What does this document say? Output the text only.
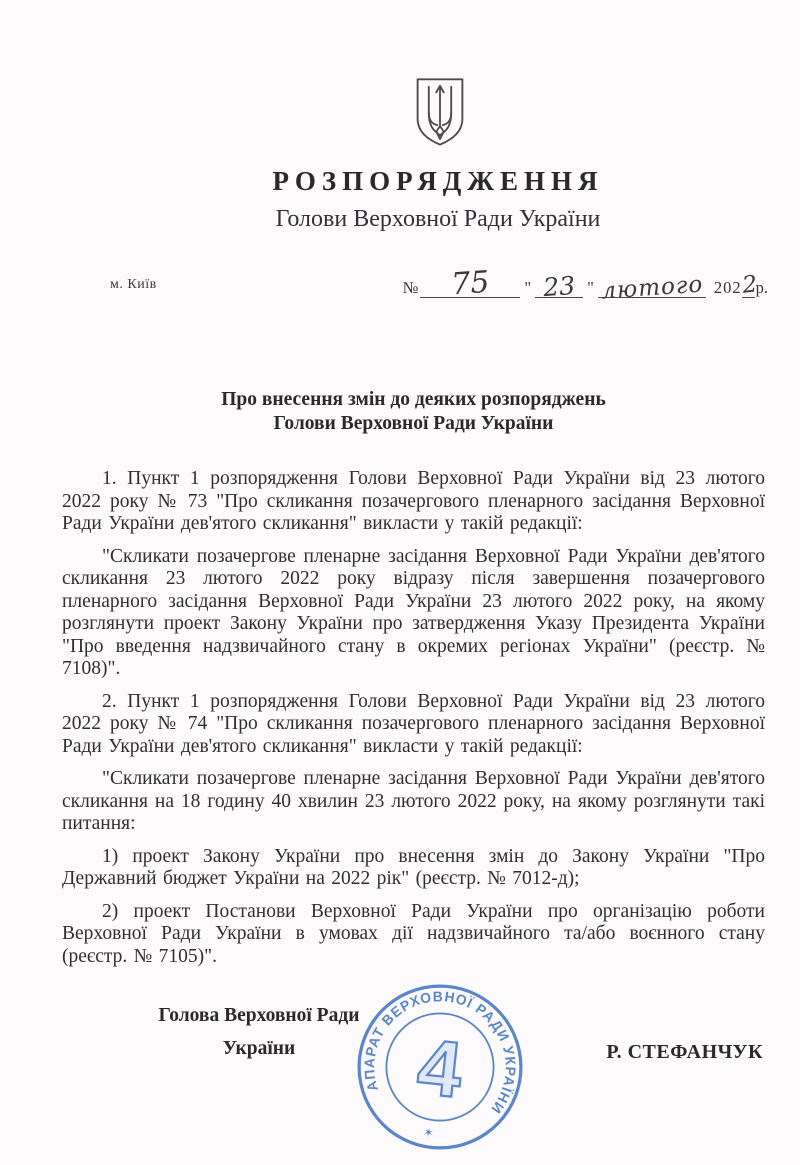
РОЗПОРЯДЖЕННЯ
Голови Верховної Ради України
м. Київ	№ 75 " 23 " лютого 202 2
р.
Про внесення змін до деяких розпоряджень
Голови Верховної Ради України

1. Пункт 1 розпорядження Голови Верховної Ради України від 23 лютого 2022 року № 73 "Про скликання позачергового пленарного засідання Верховної Ради України дев'ятого скликання" викласти у такій редакції:

"Скликати позачергове пленарне засідання Верховної Ради України дев'ятого скликання 23 лютого 2022 року відразу після завершення позачергового пленарного засідання Верховної Ради України 23 лютого 2022 року, на якому розглянути проект Закону України про затвердження Указу Президента України "Про введення надзвичайного стану в окремих регіонах України" (реєстр. № 7108)".

2. Пункт 1 розпорядження Голови Верховної Ради України від 23 лютого 2022 року № 74 "Про скликання позачергового пленарного засідання Верховної Ради України дев'ятого скликання" викласти у такій редакції:

"Скликати позачергове пленарне засідання Верховної Ради України дев'ятого скликання на 18 годину 40 хвилин 23 лютого 2022 року, на якому розглянути такі питання:

1) проект Закону України про внесення змін до Закону України "Про Державний бюджет України на 2022 рік" (реєстр. № 7012-д);

2) проект Постанови Верховної Ради України про організацію роботи Верховної Ради України в умовах дії надзвичайного та/або воєнного стану (реєстр. № 7105)".

Голова Верховної Ради
України	Р. СТЕФАНЧУК
АПАРАТ ВЕРХОВНОЇ РАДИ УКРАЇНИ
✶
4
